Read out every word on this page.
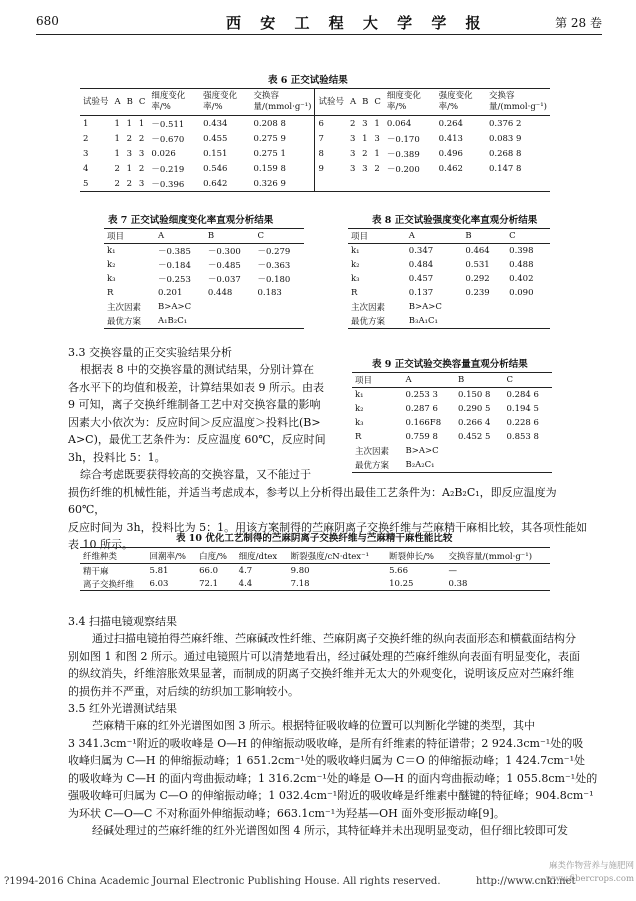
680	西 安 工 程 大 学 学 报	第 28 卷
表 6 正交试验结果
试验号	A	B	C	细度变化率/%	强度变化率/%	交换容量/(mmol·g⁻¹)	试验号	A	B	C	细度变化率/%	强度变化率/%	交换容量/(mmol·g⁻¹)
1	1	1	1	－0.511	0.434	0.208 8	6	2	3	1	0.064	0.264	0.376 2
2	1	2	2	－0.670	0.455	0.275 9	7	3	1	3	－0.170	0.413	0.083 9
3	1	3	3	0.026	0.151	0.275 1	8	3	2	1	－0.389	0.496	0.268 8
4	2	1	2	－0.219	0.546	0.159 8	9	3	3	2	－0.200	0.462	0.147 8
5	2	2	3	－0.396	0.642	0.326 9							
表 7 正交试验细度变化率直观分析结果
项目	A	B	C
k₁	－0.385	－0.300	－0.279
k₂	－0.184	－0.485	－0.363
k₃	－0.253	－0.037	－0.180
R	0.201	0.448	0.183
主次因素	B>A>C		
最优方案	A₁B₂C₁		
表 8 正交试验强度变化率直观分析结果
项目	A	B	C
k₁	0.347	0.464	0.398
k₂	0.484	0.531	0.488
k₃	0.457	0.292	0.402
R	0.137	0.239	0.090
主次因素	B>A>C		
最优方案	B₃A₁C₁		
3.3 交换容量的正交实验结果分析
根据表 8 中的交换容量的测试结果，分别计算在
各水平下的均值和极差，计算结果如表 9 所示。由表
9 可知，离子交换纤维制备工艺中对交换容量的影响
因素大小依次为：反应时间＞反应温度＞投料比(B>
A>C)，最优工艺条件为：反应温度 60℃，反应时间
3h，投料比 5：1。
综合考虑既要获得较高的交换容量，又不能过于
损伤纤维的机械性能，并适当考虑成本，参考以上分析得出最佳工艺条件为：A₂B₂C₁，即反应温度为 60℃，
反应时间为 3h，投料比为 5：1。用该方案制得的苎麻阴离子交换纤维与苎麻精干麻相比较，其各项性能如
表 10 所示。
表 9 正交试验交换容量直观分析结果
项目	A	B	C
k₁	0.253 3	0.150 8	0.284 6
k₂	0.287 6	0.290 5	0.194 5
k₃	0.166F8	0.266 4	0.228 6
R	0.759 8	0.452 5	0.853 8
主次因素	B>A>C		
最优方案	B₂A₂C₁		
表 10 优化工艺制得的苎麻阴离子交换纤维与苎麻精干麻性能比较
纤维种类	回潮率/%	白度/%	细度/dtex	断裂强度/cN·dtex⁻¹	断裂伸长/%	交换容量/(mmol·g⁻¹)
精干麻	5.81	66.0	4.7	9.80	5.66	—
离子交换纤维	6.03	72.1	4.4	7.18	10.25	0.38
3.4 扫描电镜观察结果
通过扫描电镜拍得苎麻纤维、苎麻碱改性纤维、苎麻阴离子交换纤维的纵向表面形态和横截面结构分
别如图 1 和图 2 所示。通过电镜照片可以清楚地看出，经过碱处理的苎麻纤维纵向表面有明显变化，表面
的纵纹消失，纤维溶胀效果显著，而制成的阴离子交换纤维并无太大的外观变化，说明该反应对苎麻纤维
的损伤并不严重，对后续的纺织加工影响较小。
3.5 红外光谱测试结果
苎麻精干麻的红外光谱图如图 3 所示。根据特征吸收峰的位置可以判断化学键的类型，其中
3 341.3cm⁻¹附近的吸收峰是 O—H 的伸缩振动吸收峰，是所有纤维素的特征谱带；2 924.3cm⁻¹处的吸
收峰归属为 C—H 的伸缩振动峰；1 651.2cm⁻¹处的吸收峰归属为 C＝O 的伸缩振动峰；1 424.7cm⁻¹处
的吸收峰为 C—H 的面内弯曲振动峰；1 316.2cm⁻¹处的峰是 O—H 的面内弯曲振动峰；1 055.8cm⁻¹处的
强吸收峰可归属为 C—O 的伸缩振动峰；1 032.4cm⁻¹附近的吸收峰是纤维素中醚键的特征峰；904.8cm⁻¹
为环状 C—O—C 不对称面外伸缩振动峰；663.1cm⁻¹为羟基—OH 面外变形振动峰[9]。
经碱处理过的苎麻纤维的红外光谱图如图 4 所示，其特征峰并未出现明显变动，但仔细比较即可发
?1994-2016 China Academic Journal Electronic Publishing House. All rights reserved.	http://www.cnki.net
麻类作物营养与施肥网 www.fibercrops.com
